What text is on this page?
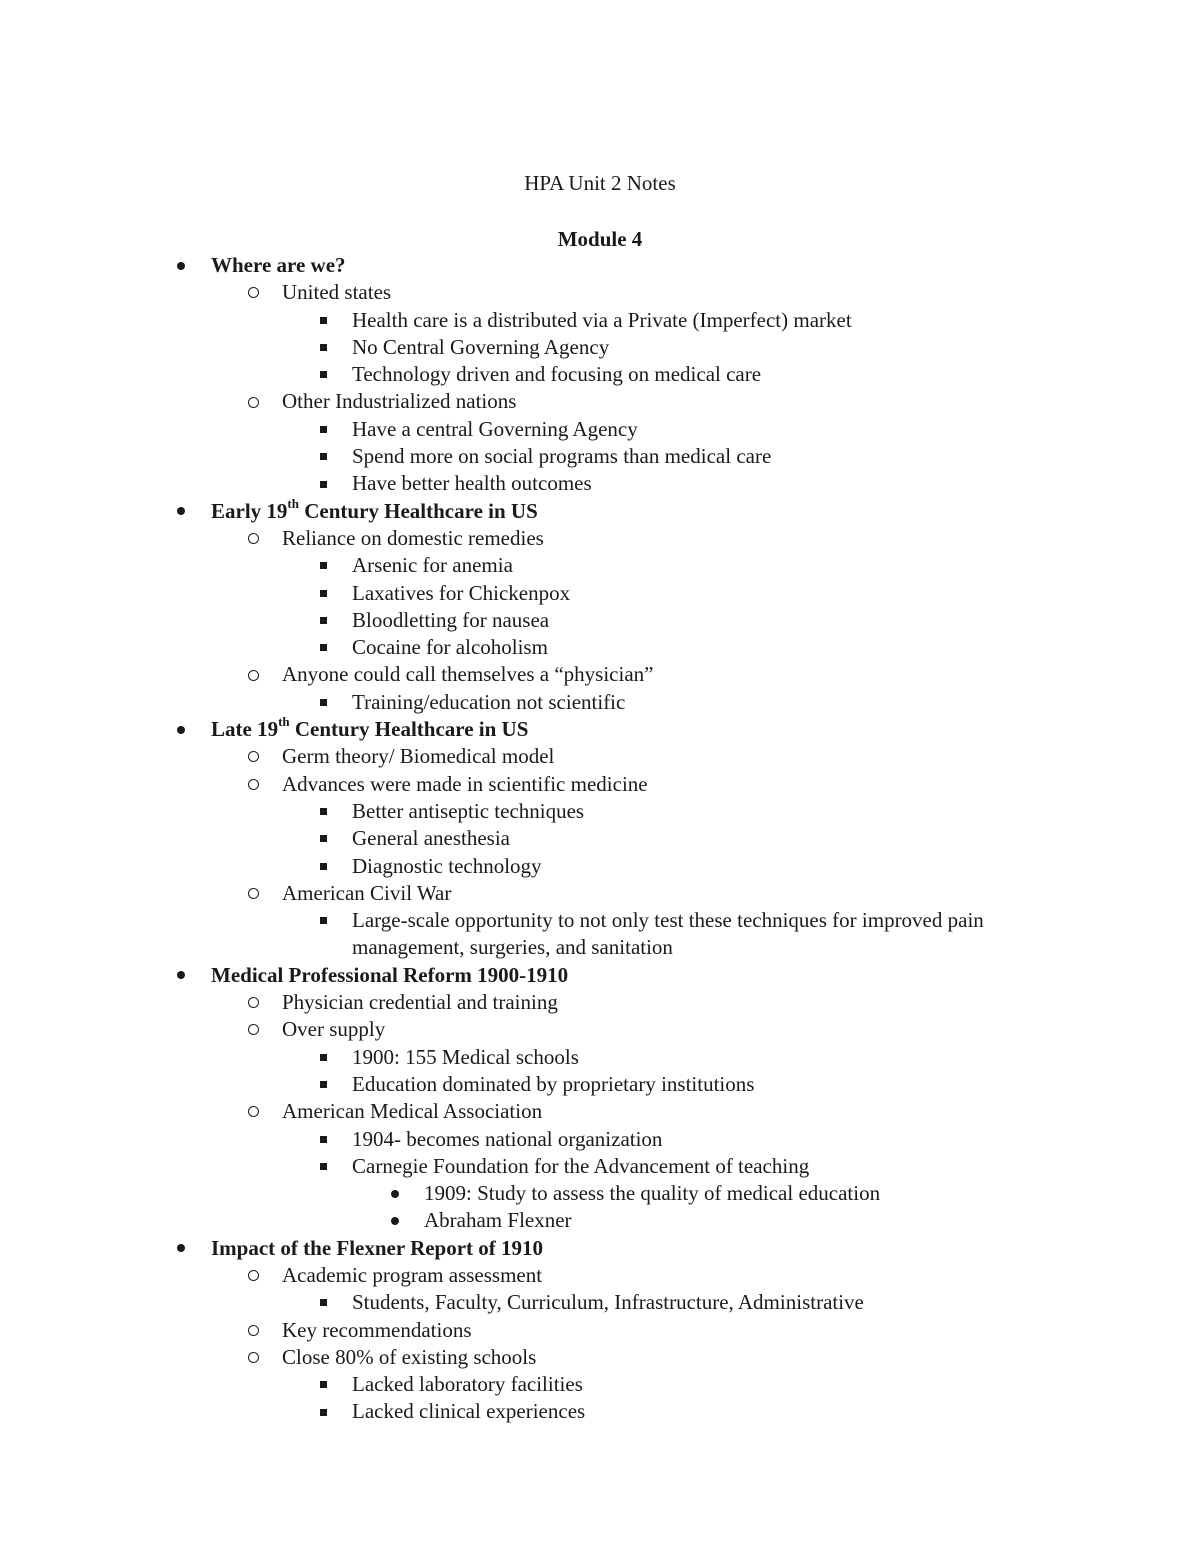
HPA Unit 2 Notes
Module 4
Where are we?
United states
Health care is a distributed via a Private (Imperfect) market
No Central Governing Agency
Technology driven and focusing on medical care
Other Industrialized nations
Have a central Governing Agency
Spend more on social programs than medical care
Have better health outcomes
Early 19th Century Healthcare in US
Reliance on domestic remedies
Arsenic for anemia
Laxatives for Chickenpox
Bloodletting for nausea
Cocaine for alcoholism
Anyone could call themselves a “physician”
Training/education not scientific
Late 19th Century Healthcare in US
Germ theory/ Biomedical model
Advances were made in scientific medicine
Better antiseptic techniques
General anesthesia
Diagnostic technology
American Civil War
Large-scale opportunity to not only test these techniques for improved pain management, surgeries, and sanitation
Medical Professional Reform 1900-1910
Physician credential and training
Over supply
1900: 155 Medical schools
Education dominated by proprietary institutions
American Medical Association
1904- becomes national organization
Carnegie Foundation for the Advancement of teaching
1909: Study to assess the quality of medical education
Abraham Flexner
Impact of the Flexner Report of 1910
Academic program assessment
Students, Faculty, Curriculum, Infrastructure, Administrative
Key recommendations
Close 80% of existing schools
Lacked laboratory facilities
Lacked clinical experiences
